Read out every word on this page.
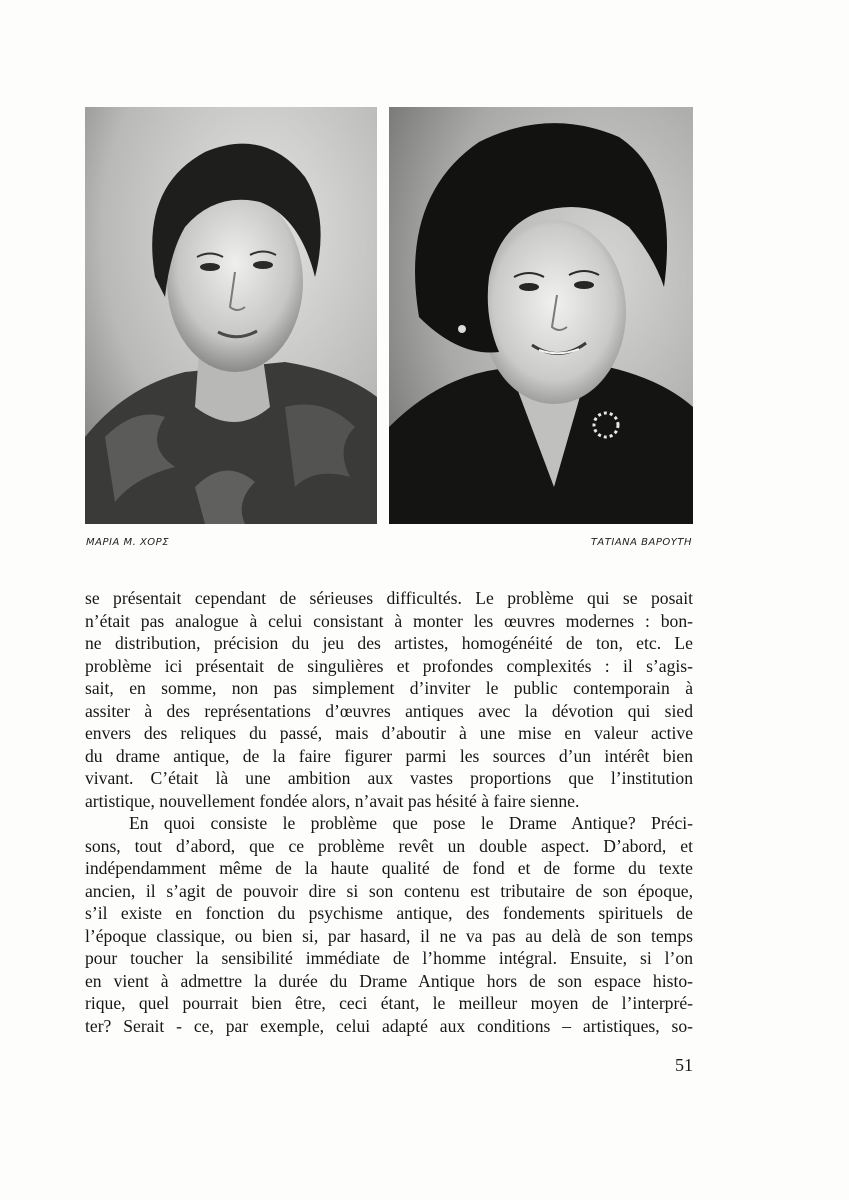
ΜΑΡΙΑ Μ. ΧΟΡΣ	ΤΑΤΙΑΝΑ ΒΑΡΟΥΤΗ
se présentait cependant de sérieuses difficultés. Le problème qui se posait
n’était pas analogue à celui consistant à monter les œuvres modernes : bon-
ne distribution, précision du jeu des artistes, homogénéité de ton, etc. Le
problème ici présentait de singulières et profondes complexités : il s’agis-
sait, en somme, non pas simplement d’inviter le public contemporain à
assiter à des représentations d’œuvres antiques avec la dévotion qui sied
envers des reliques du passé, mais d’aboutir à une mise en valeur active
du drame antique, de la faire figurer parmi les sources d’un intérêt bien
vivant. C’était là une ambition aux vastes proportions que l’institution
artistique, nouvellement fondée alors, n’avait pas hésité à faire sienne.
En quoi consiste le problème que pose le Drame Antique? Préci-
sons, tout d’abord, que ce problème revêt un double aspect. D’abord, et
indépendamment même de la haute qualité de fond et de forme du texte
ancien, il s’agit de pouvoir dire si son contenu est tributaire de son époque,
s’il existe en fonction du psychisme antique, des fondements spirituels de
l’époque classique, ou bien si, par hasard, il ne va pas au delà de son temps
pour toucher la sensibilité immédiate de l’homme intégral. Ensuite, si l’on
en vient à admettre la durée du Drame Antique hors de son espace histo-
rique, quel pourrait bien être, ceci étant, le meilleur moyen de l’interpré-
ter? Serait - ce, par exemple, celui adapté aux conditions – artistiques, so-
51
